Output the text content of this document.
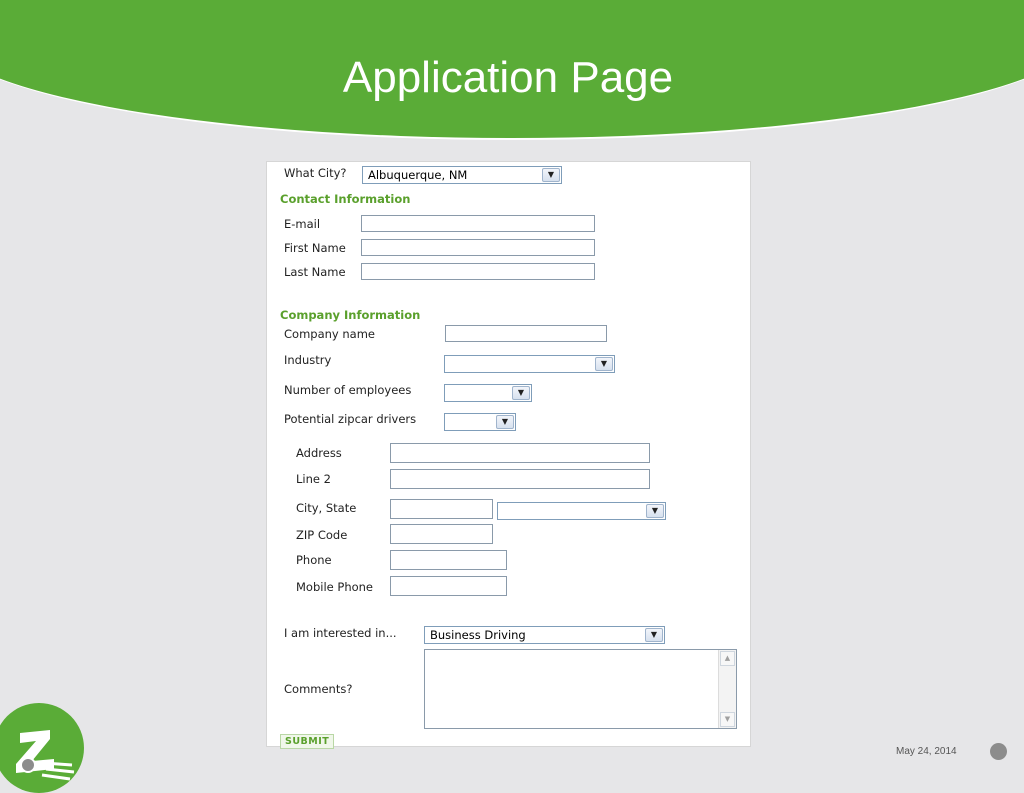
Application Page
What City?	Albuquerque, NM	▼
Contact Information
E-mail
First Name
Last Name
Company Information
Company name
Industry	▼
Number of employees	▼
Potential zipcar drivers	▼
Address
Line 2
City, State	▼
ZIP Code
Phone
Mobile Phone
I am interested in...	Business Driving	▼
Comments?
▲
▼
SUBMIT
May 24, 2014
